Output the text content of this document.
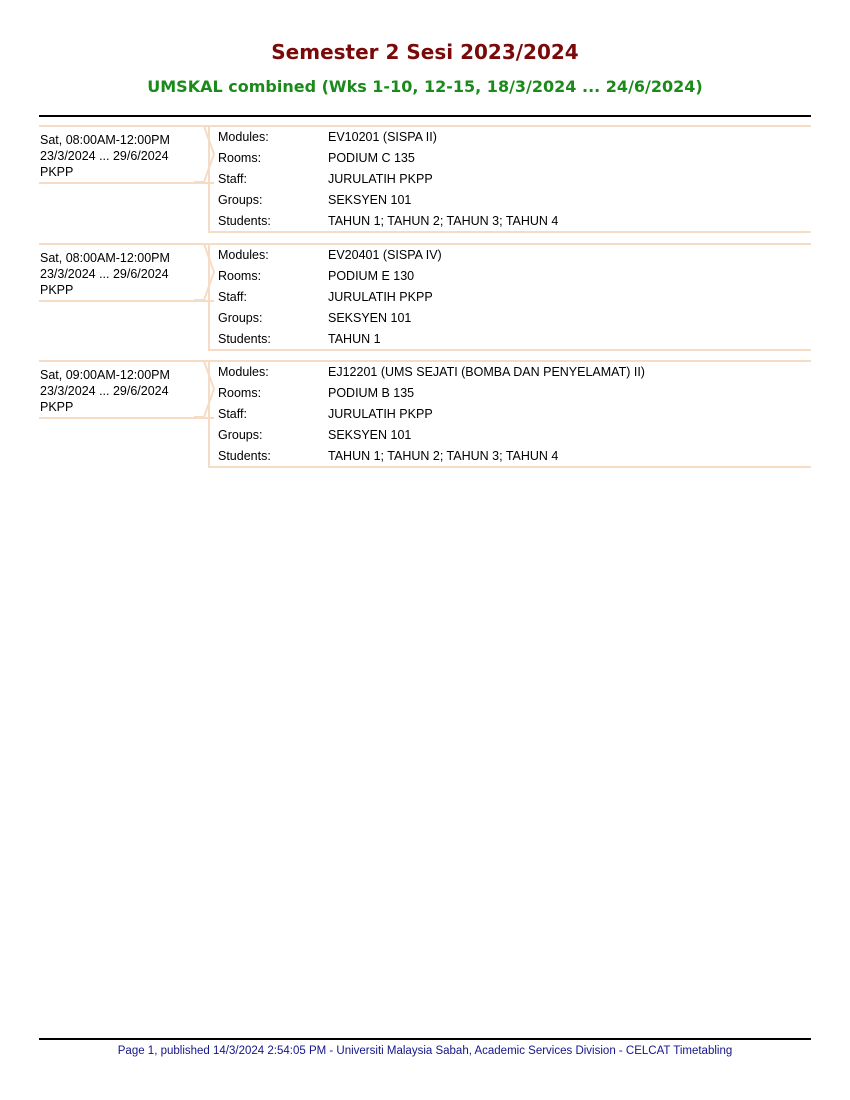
Semester 2 Sesi 2023/2024
UMSKAL combined (Wks 1-10, 12-15, 18/3/2024 ... 24/6/2024)
Sat, 08:00AM-12:00PM
23/3/2024 ... 29/6/2024
PKPP
Modules:	EV10201 (SISPA II)
Rooms:	PODIUM C 135
Staff:	JURULATIH PKPP
Groups:	SEKSYEN 101
Students:	TAHUN 1; TAHUN 2; TAHUN 3; TAHUN 4
Sat, 08:00AM-12:00PM
23/3/2024 ... 29/6/2024
PKPP
Modules:	EV20401 (SISPA IV)
Rooms:	PODIUM E 130
Staff:	JURULATIH PKPP
Groups:	SEKSYEN 101
Students:	TAHUN 1
Sat, 09:00AM-12:00PM
23/3/2024 ... 29/6/2024
PKPP
Modules:	EJ12201 (UMS SEJATI (BOMBA DAN PENYELAMAT) II)
Rooms:	PODIUM B 135
Staff:	JURULATIH PKPP
Groups:	SEKSYEN 101
Students:	TAHUN 1; TAHUN 2; TAHUN 3; TAHUN 4
Page 1, published 14/3/2024 2:54:05 PM - Universiti Malaysia Sabah, Academic Services Division - CELCAT Timetabling
